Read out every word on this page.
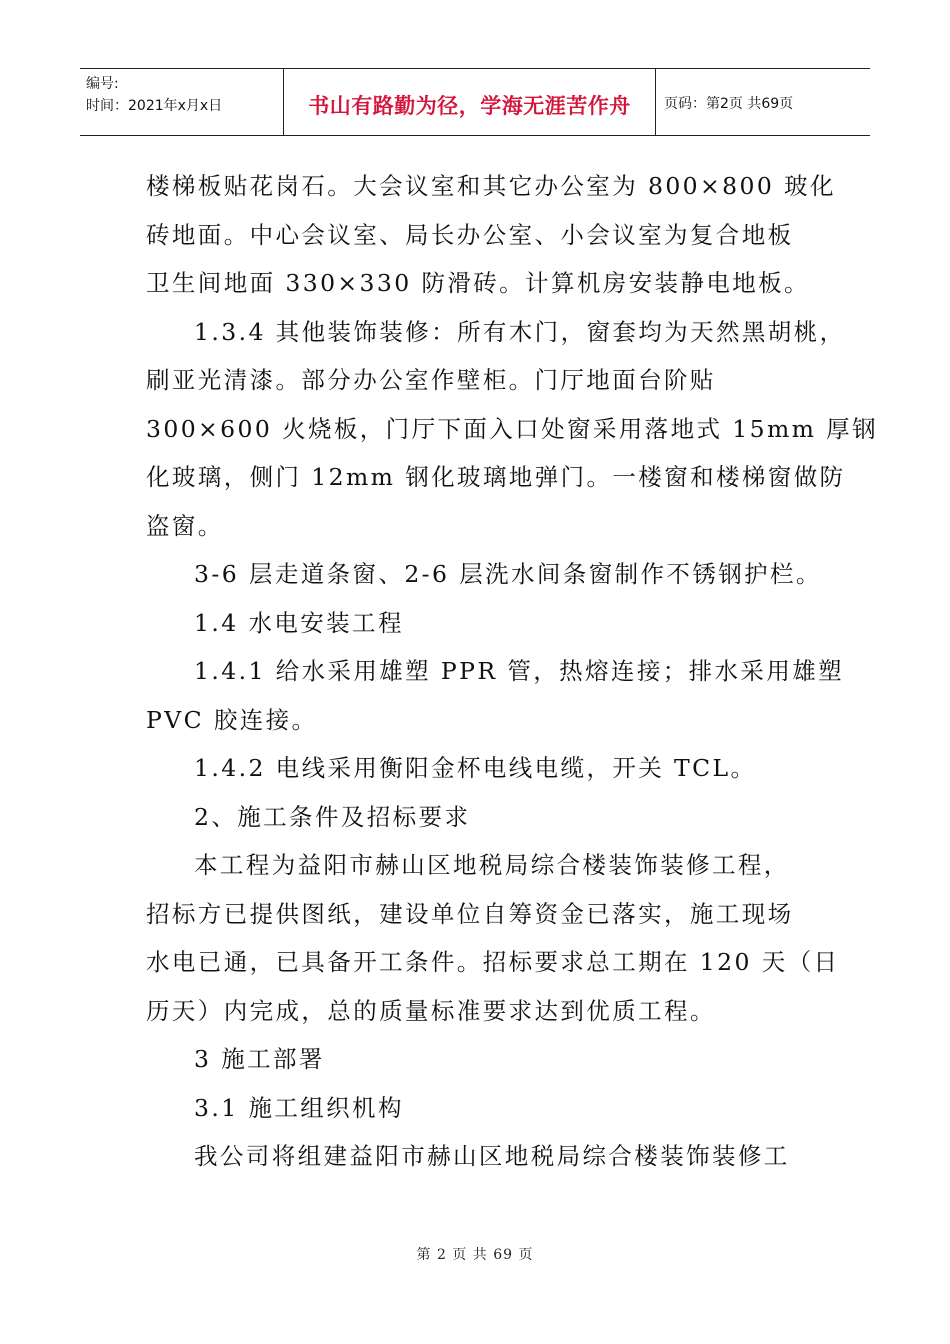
编号:
时间：2021年x月x日	书山有路勤为径，学海无涯苦作舟 页码：第2页 共69页
楼梯板贴花岗石。大会议室和其它办公室为 800×800 玻化
砖地面。中心会议室、局长办公室、小会议室为复合地板
卫生间地面 330×330 防滑砖。计算机房安装静电地板。
1.3.4 其他装饰装修：所有木门，窗套均为天然黑胡桃，
刷亚光清漆。部分办公室作壁柜。门厅地面台阶贴
300×600 火烧板，门厅下面入口处窗采用落地式 15mm 厚钢
化玻璃，侧门 12mm 钢化玻璃地弹门。一楼窗和楼梯窗做防
盗窗。
3-6 层走道条窗、2-6 层洗水间条窗制作不锈钢护栏。
1.4 水电安装工程
1.4.1 给水采用雄塑 PPR 管，热熔连接；排水采用雄塑
PVC 胶连接。
1.4.2 电线采用衡阳金杯电线电缆，开关 TCL。
2、施工条件及招标要求
本工程为益阳市赫山区地税局综合楼装饰装修工程，
招标方已提供图纸，建设单位自筹资金已落实，施工现场
水电已通，已具备开工条件。招标要求总工期在 120 天（日
历天）内完成，总的质量标准要求达到优质工程。
3 施工部署
3.1 施工组织机构
我公司将组建益阳市赫山区地税局综合楼装饰装修工
第 2 页 共 69 页
